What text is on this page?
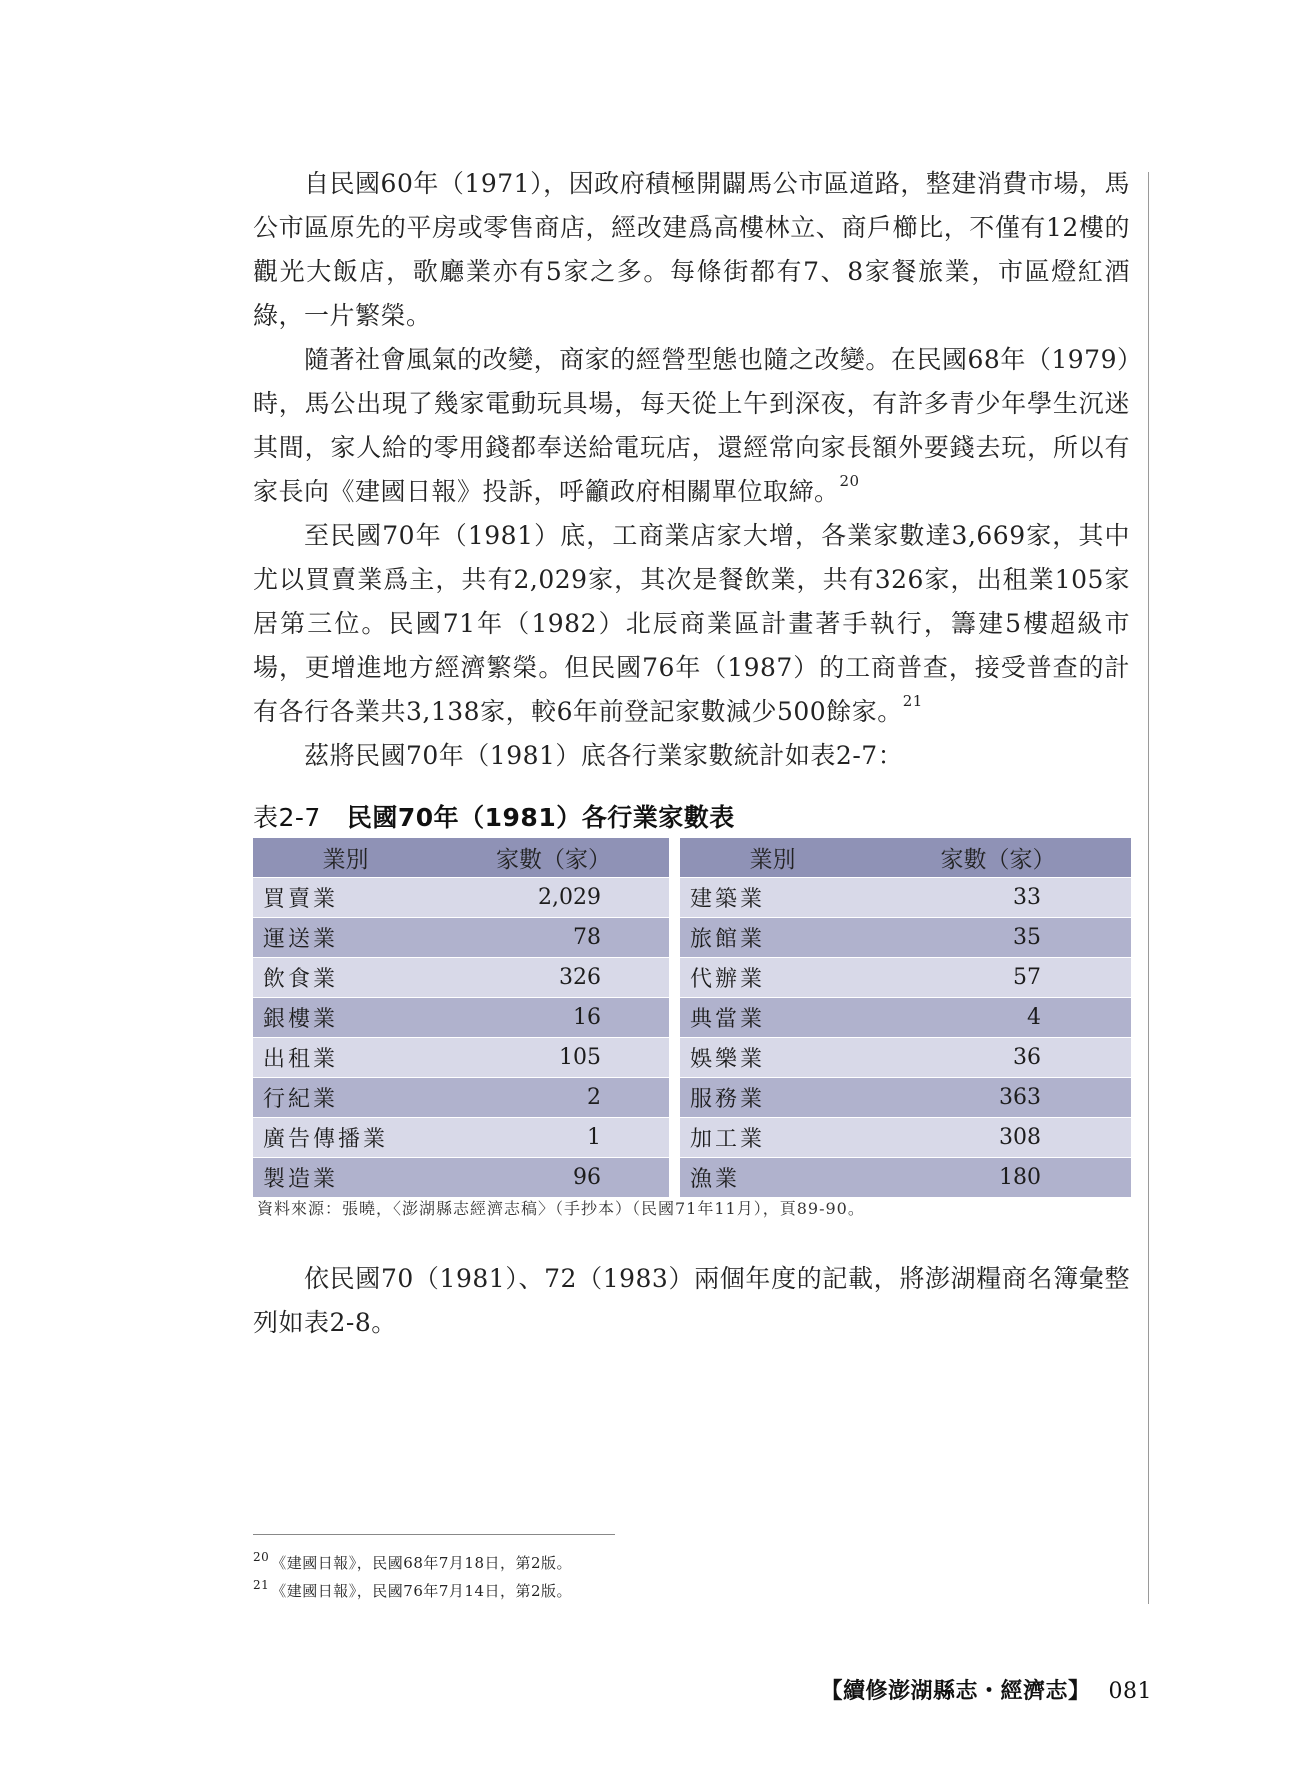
自民國60年（1971），因政府積極開闢馬公市區道路，整建消費市場，馬公市區原先的平房或零售商店，經改建爲高樓林立、商戶櫛比，不僅有12樓的觀光大飯店，歌廳業亦有5家之多。每條街都有7、8家餐旅業，市區燈紅酒綠，一片繁榮。

隨著社會風氣的改變，商家的經營型態也隨之改變。在民國68年（1979）時，馬公出現了幾家電動玩具場，每天從上午到深夜，有許多青少年學生沉迷其間，家人給的零用錢都奉送給電玩店，還經常向家長額外要錢去玩，所以有家長向《建國日報》投訴，呼籲政府相關單位取締。$^{20}$

至民國70年（1981）底，工商業店家大增，各業家數達3,669家，其中尤以買賣業爲主，共有2,029家，其次是餐飲業，共有326家，出租業105家居第三位。民國71年（1982）北辰商業區計畫著手執行，籌建5樓超級市場，更增進地方經濟繁榮。但民國76年（1987）的工商普查，接受普查的計有各行各業共3,138家，較6年前登記家數減少500餘家。$^{21}$

茲將民國70年（1981）底各行業家數統計如表2-7：

表2-7 民國70年（1981）各行業家數表
業別	家數（家）		業別	家數（家）
買賣業	2,029		建築業	33
運送業	78		旅館業	35
飲食業	326		代辦業	57
銀樓業	16		典當業	4
出租業	105		娛樂業	36
行紀業	2		服務業	363
廣告傳播業	1		加工業	308
製造業	96		漁業	180
資料來源：張曉，〈澎湖縣志經濟志稿〉（手抄本）（民國71年11月），頁89-90。

依民國70（1981）、72（1983）兩個年度的記載，將澎湖糧商名簿彙整列如表2-8。

$^{20}$ 《建國日報》，民國68年7月18日，第2版。
$^{21}$ 《建國日報》，民國76年7月14日，第2版。
【續修澎湖縣志・經濟志】 081
